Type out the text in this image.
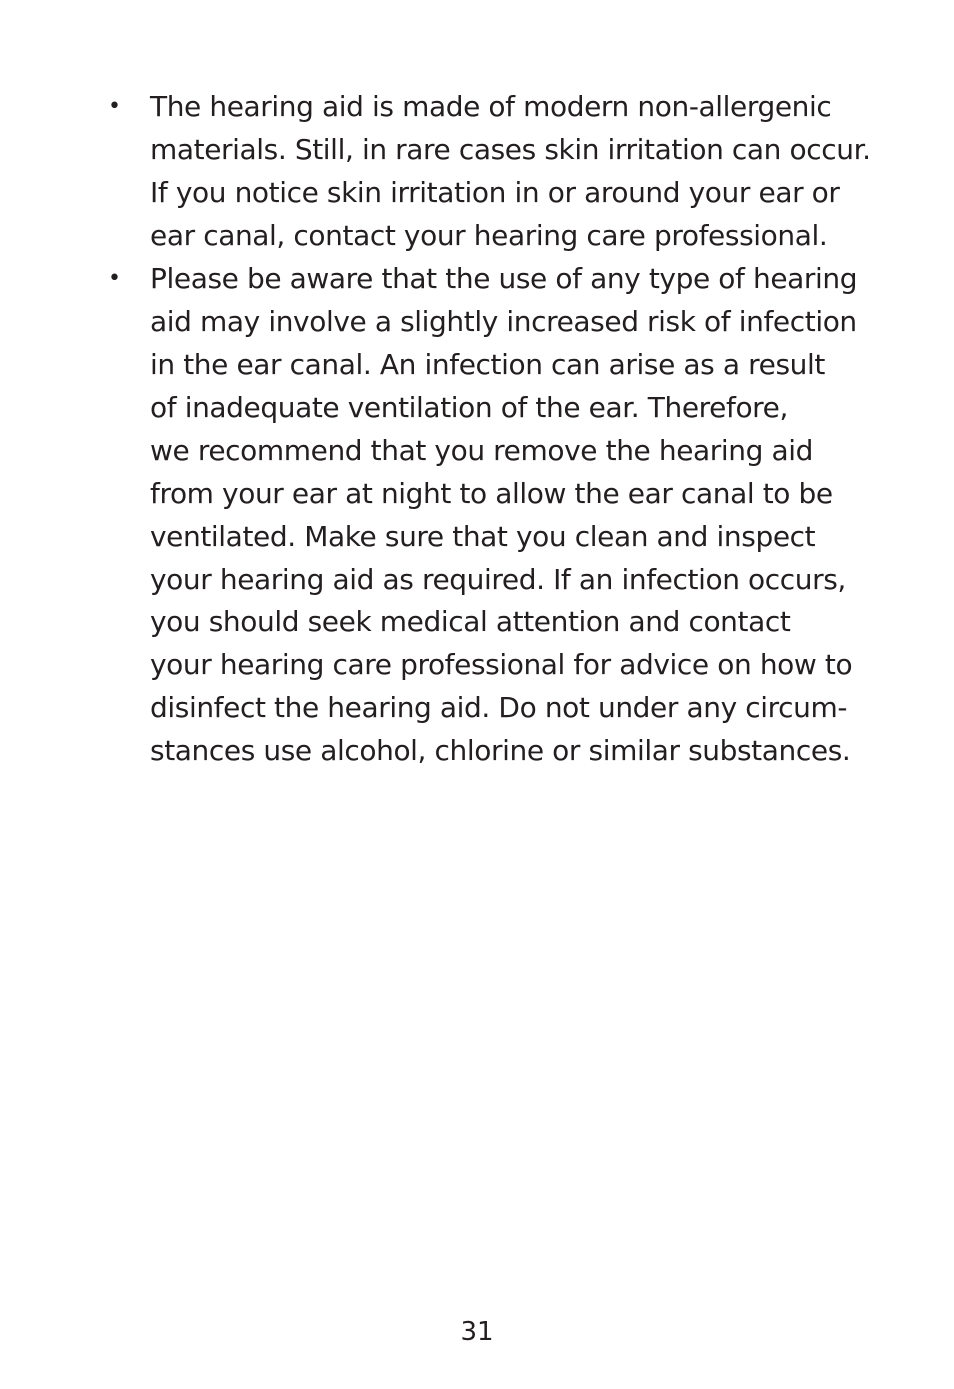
• The hearing aid is made of modern non-allergenic
materials. Still, in rare cases skin irritation can occur.
If you notice skin irritation in or around your ear or
ear canal, contact your hearing care professional.
• Please be aware that the use of any type of hearing
aid may involve a slightly increased risk of infection
in the ear canal. An infection can arise as a result
of inadequate ventilation of the ear. Therefore,
we recommend that you remove the hearing aid
from your ear at night to allow the ear canal to be
ventilated. Make sure that you clean and inspect
your hearing aid as required. If an infection occurs,
you should seek medical attention and contact
your hearing care professional for advice on how to
disinfect the hearing aid. Do not under any circum-
stances use alcohol, chlorine or similar substances.
31
